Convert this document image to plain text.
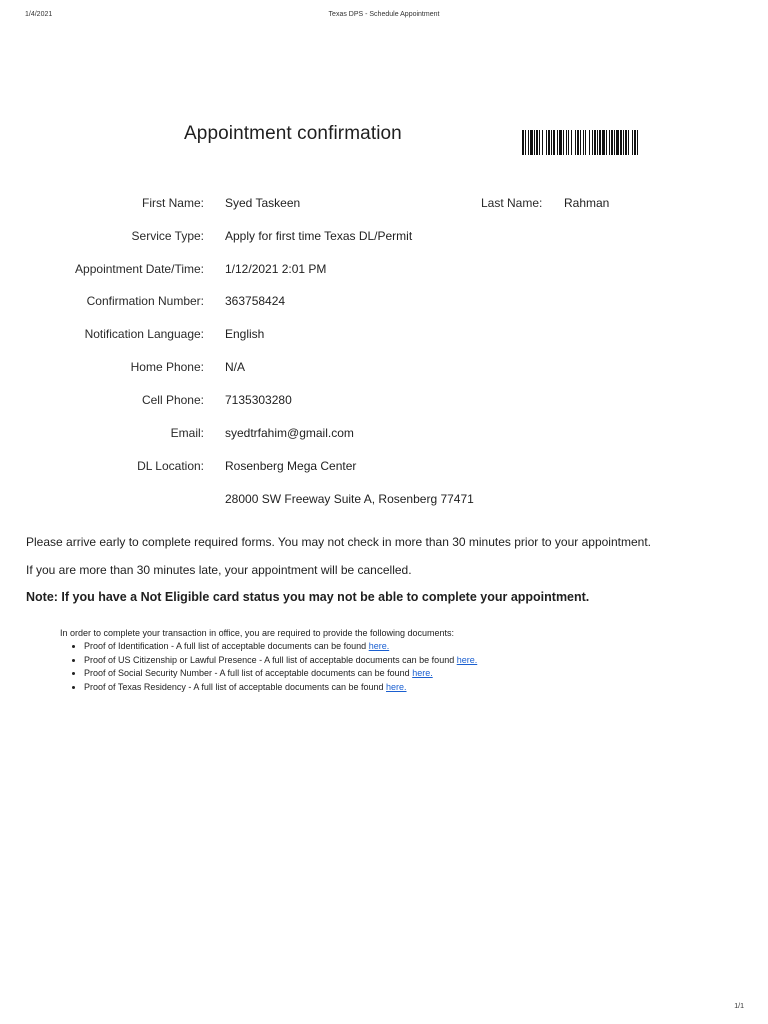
1/4/2021	Texas DPS - Schedule Appointment
Appointment confirmation
First Name: Syed Taskeen	Last Name: Rahman
Service Type: Apply for first time Texas DL/Permit
Appointment Date/Time: 1/12/2021 2:01 PM
Confirmation Number: 363758424
Notification Language: English
Home Phone: N/A
Cell Phone: 7135303280
Email: syedtrfahim@gmail.com
DL Location: Rosenberg Mega Center
28000 SW Freeway Suite A, Rosenberg 77471
Please arrive early to complete required forms. You may not check in more than 30 minutes prior to your appointment.
If you are more than 30 minutes late, your appointment will be cancelled.
Note: If you have a Not Eligible card status you may not be able to complete your appointment.

In order to complete your transaction in office, you are required to provide the following documents:

• Proof of Identification - A full list of acceptable documents can be found here.
• Proof of US Citizenship or Lawful Presence - A full list of acceptable documents can be found here.
• Proof of Social Security Number - A full list of acceptable documents can be found here.
• Proof of Texas Residency - A full list of acceptable documents can be found here.
1/1
